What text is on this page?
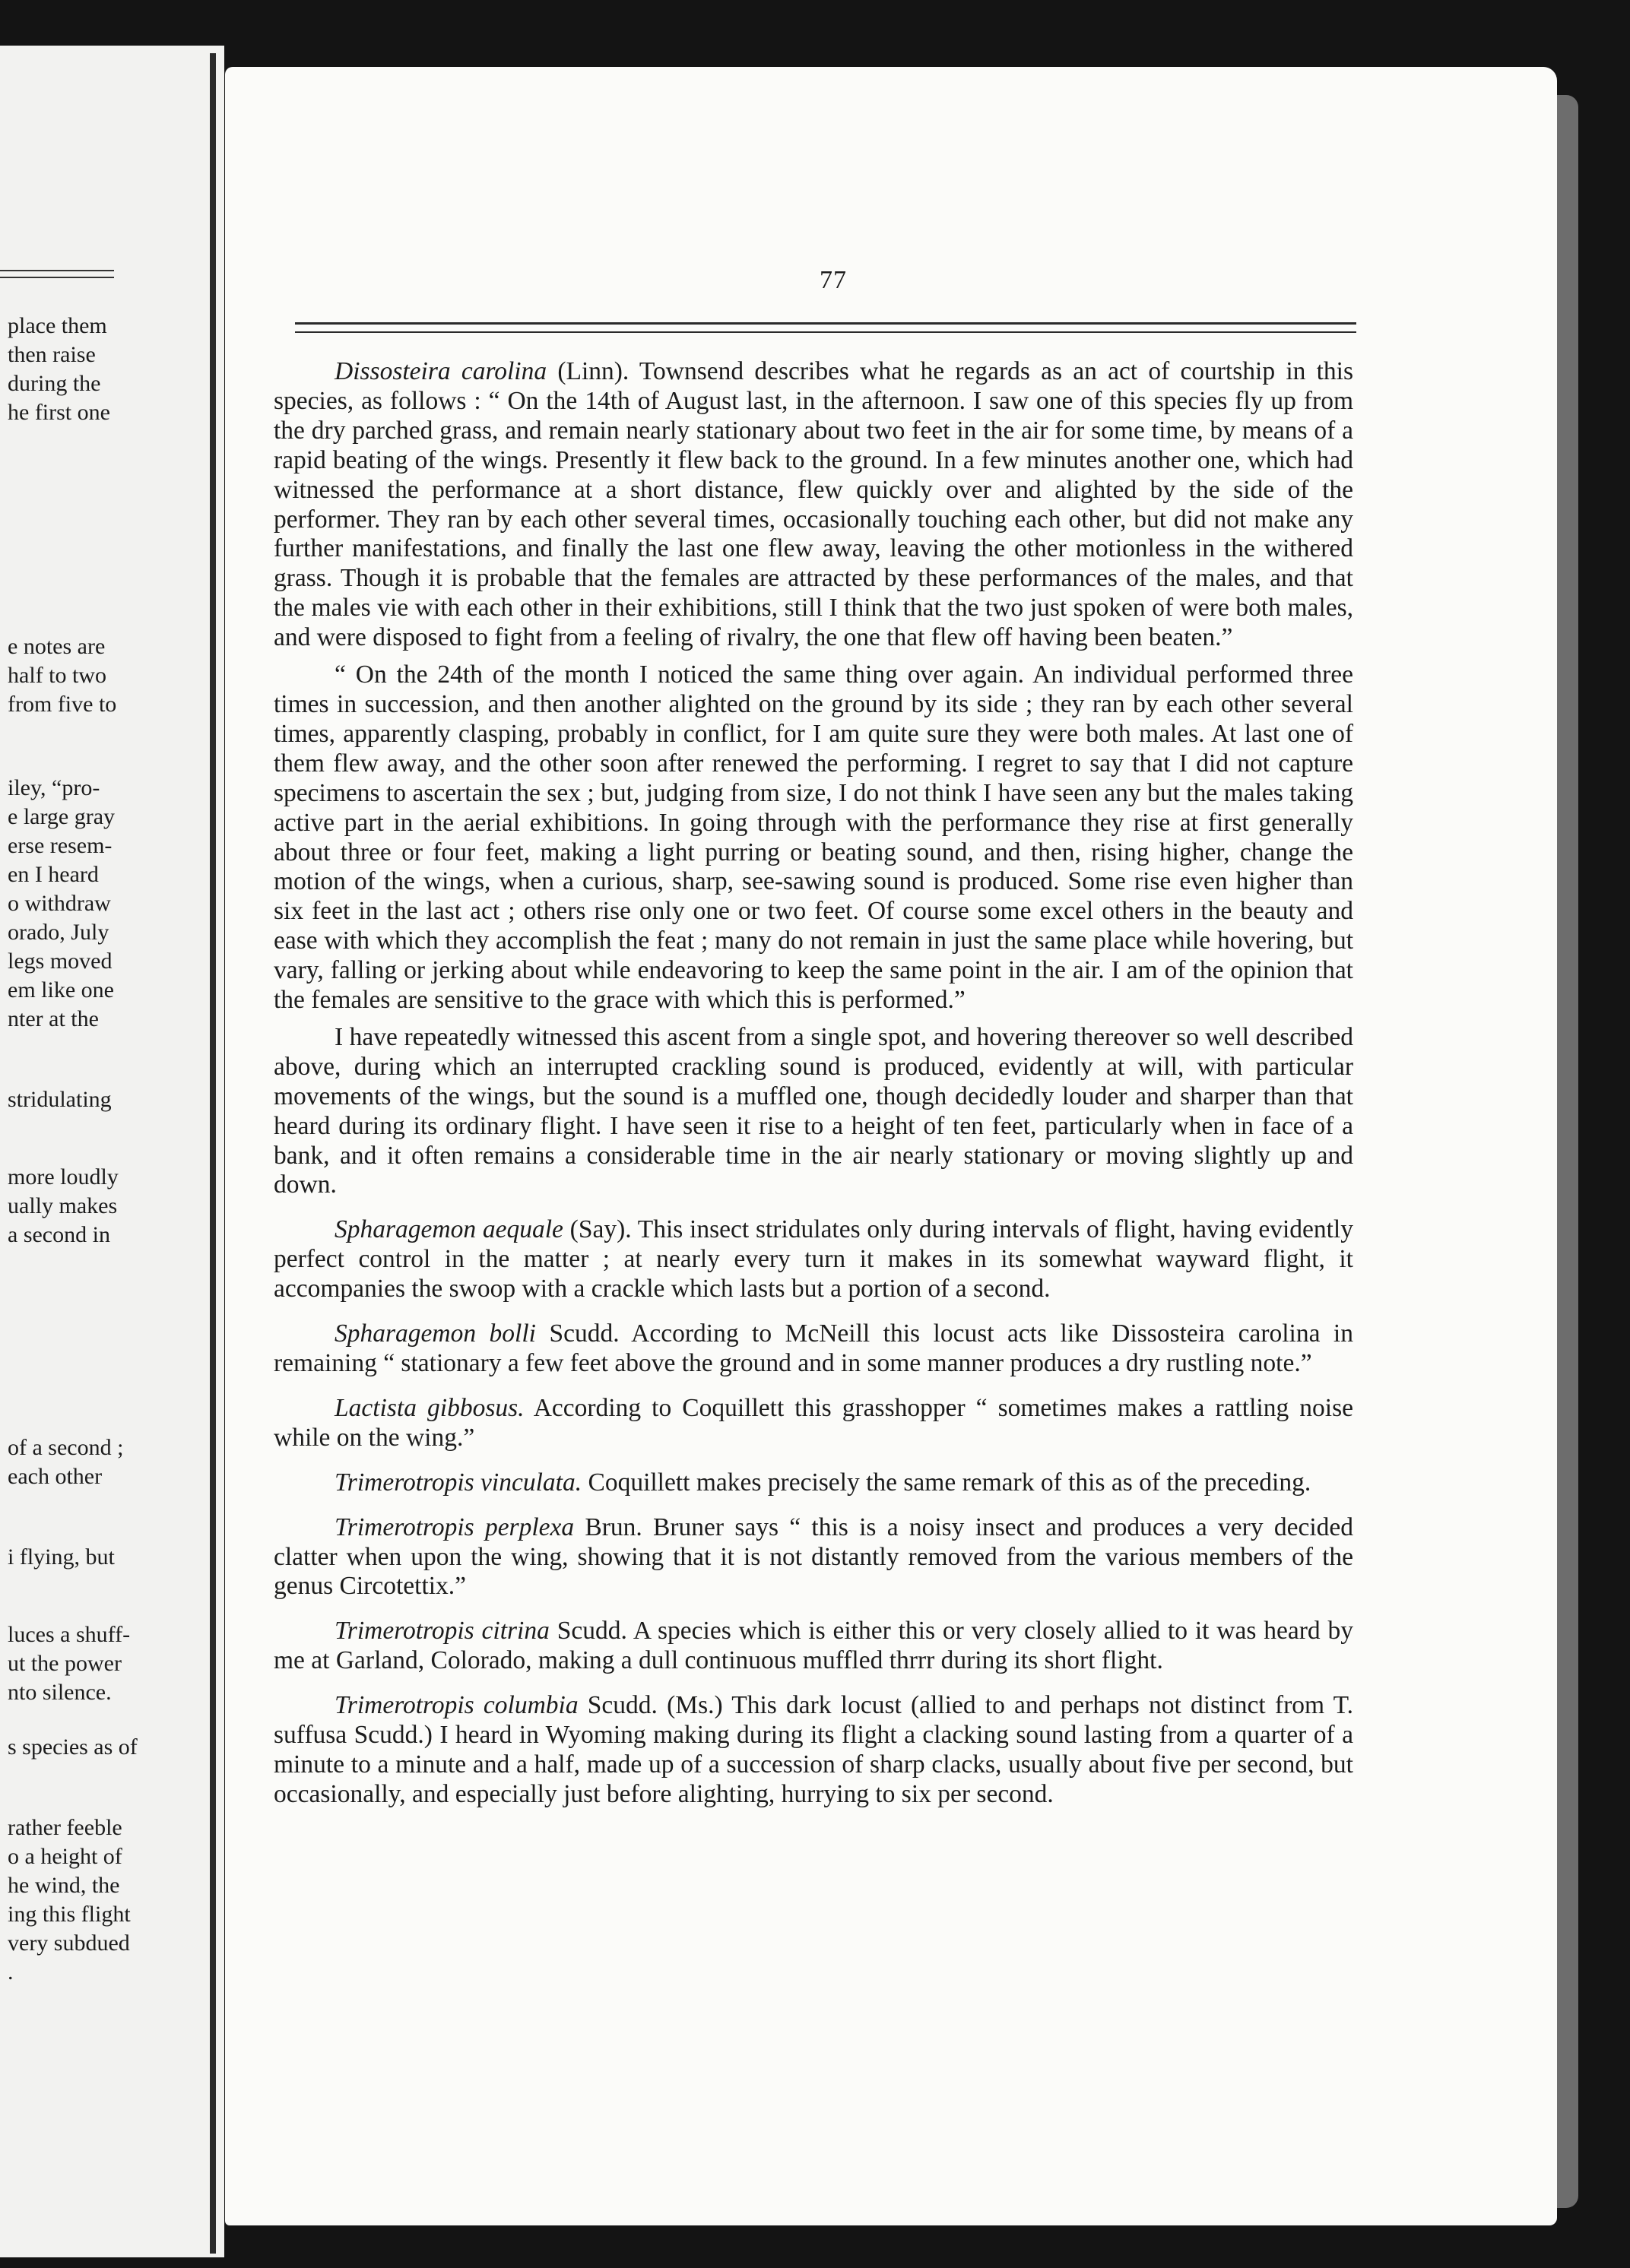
place them
then raise
during the
he first one
e notes are
half to two
from five to
iley, “pro-
e large gray
erse resem-
en I heard
o withdraw
orado, July
legs moved
em like one
nter at the
stridulating
more loudly
ually makes
a second in
of a second ;
each other
i flying, but
luces a shuff-
ut the power
nto silence.
s species as of
rather feeble
o a height of
he wind, the
ing this flight
very subdued
.
77

Dissosteira carolina (Linn). Townsend describes what he regards as an act of courtship in this species, as follows : “ On the 14th of August last, in the afternoon. I saw one of this species fly up from the dry parched grass, and remain nearly stationary about two feet in the air for some time, by means of a rapid beating of the wings. Presently it flew back to the ground. In a few minutes another one, which had witnessed the performance at a short distance, flew quickly over and alighted by the side of the performer. They ran by each other several times, occasionally touching each other, but did not make any further manifestations, and finally the last one flew away, leaving the other motionless in the withered grass. Though it is probable that the females are attracted by these performances of the males, and that the males vie with each other in their exhibitions, still I think that the two just spoken of were both males, and were disposed to fight from a feeling of rivalry, the one that flew off having been beaten.”

“ On the 24th of the month I noticed the same thing over again. An individual performed three times in succession, and then another alighted on the ground by its side ; they ran by each other several times, apparently clasping, probably in conflict, for I am quite sure they were both males. At last one of them flew away, and the other soon after renewed the performing. I regret to say that I did not capture specimens to ascertain the sex ; but, judging from size, I do not think I have seen any but the males taking active part in the aerial exhibitions. In going through with the performance they rise at first generally about three or four feet, making a light purring or beating sound, and then, rising higher, change the motion of the wings, when a curious, sharp, see-sawing sound is produced. Some rise even higher than six feet in the last act ; others rise only one or two feet. Of course some excel others in the beauty and ease with which they accomplish the feat ; many do not remain in just the same place while hovering, but vary, falling or jerking about while endeavoring to keep the same point in the air. I am of the opinion that the females are sensitive to the grace with which this is performed.”

I have repeatedly witnessed this ascent from a single spot, and hovering thereover so well described above, during which an interrupted crackling sound is produced, evidently at will, with particular movements of the wings, but the sound is a muffled one, though decidedly louder and sharper than that heard during its ordinary flight. I have seen it rise to a height of ten feet, particularly when in face of a bank, and it often remains a considerable time in the air nearly stationary or moving slightly up and down.

Spharagemon aequale (Say). This insect stridulates only during intervals of flight, having evidently perfect control in the matter ; at nearly every turn it makes in its somewhat wayward flight, it accompanies the swoop with a crackle which lasts but a portion of a second.

Spharagemon bolli Scudd. According to McNeill this locust acts like Dissosteira carolina in remaining “ stationary a few feet above the ground and in some manner produces a dry rustling note.”

Lactista gibbosus. According to Coquillett this grasshopper “ sometimes makes a rattling noise while on the wing.”

Trimerotropis vinculata. Coquillett makes precisely the same remark of this as of the preceding.

Trimerotropis perplexa Brun. Bruner says “ this is a noisy insect and produces a very decided clatter when upon the wing, showing that it is not distantly removed from the various members of the genus Circotettix.”

Trimerotropis citrina Scudd. A species which is either this or very closely allied to it was heard by me at Garland, Colorado, making a dull continuous muffled thrrr during its short flight.

Trimerotropis columbia Scudd. (Ms.) This dark locust (allied to and perhaps not distinct from T. suffusa Scudd.) I heard in Wyoming making during its flight a clacking sound lasting from a quarter of a minute to a minute and a half, made up of a succession of sharp clacks, usually about five per second, but occasionally, and especially just before alighting, hurrying to six per second.
